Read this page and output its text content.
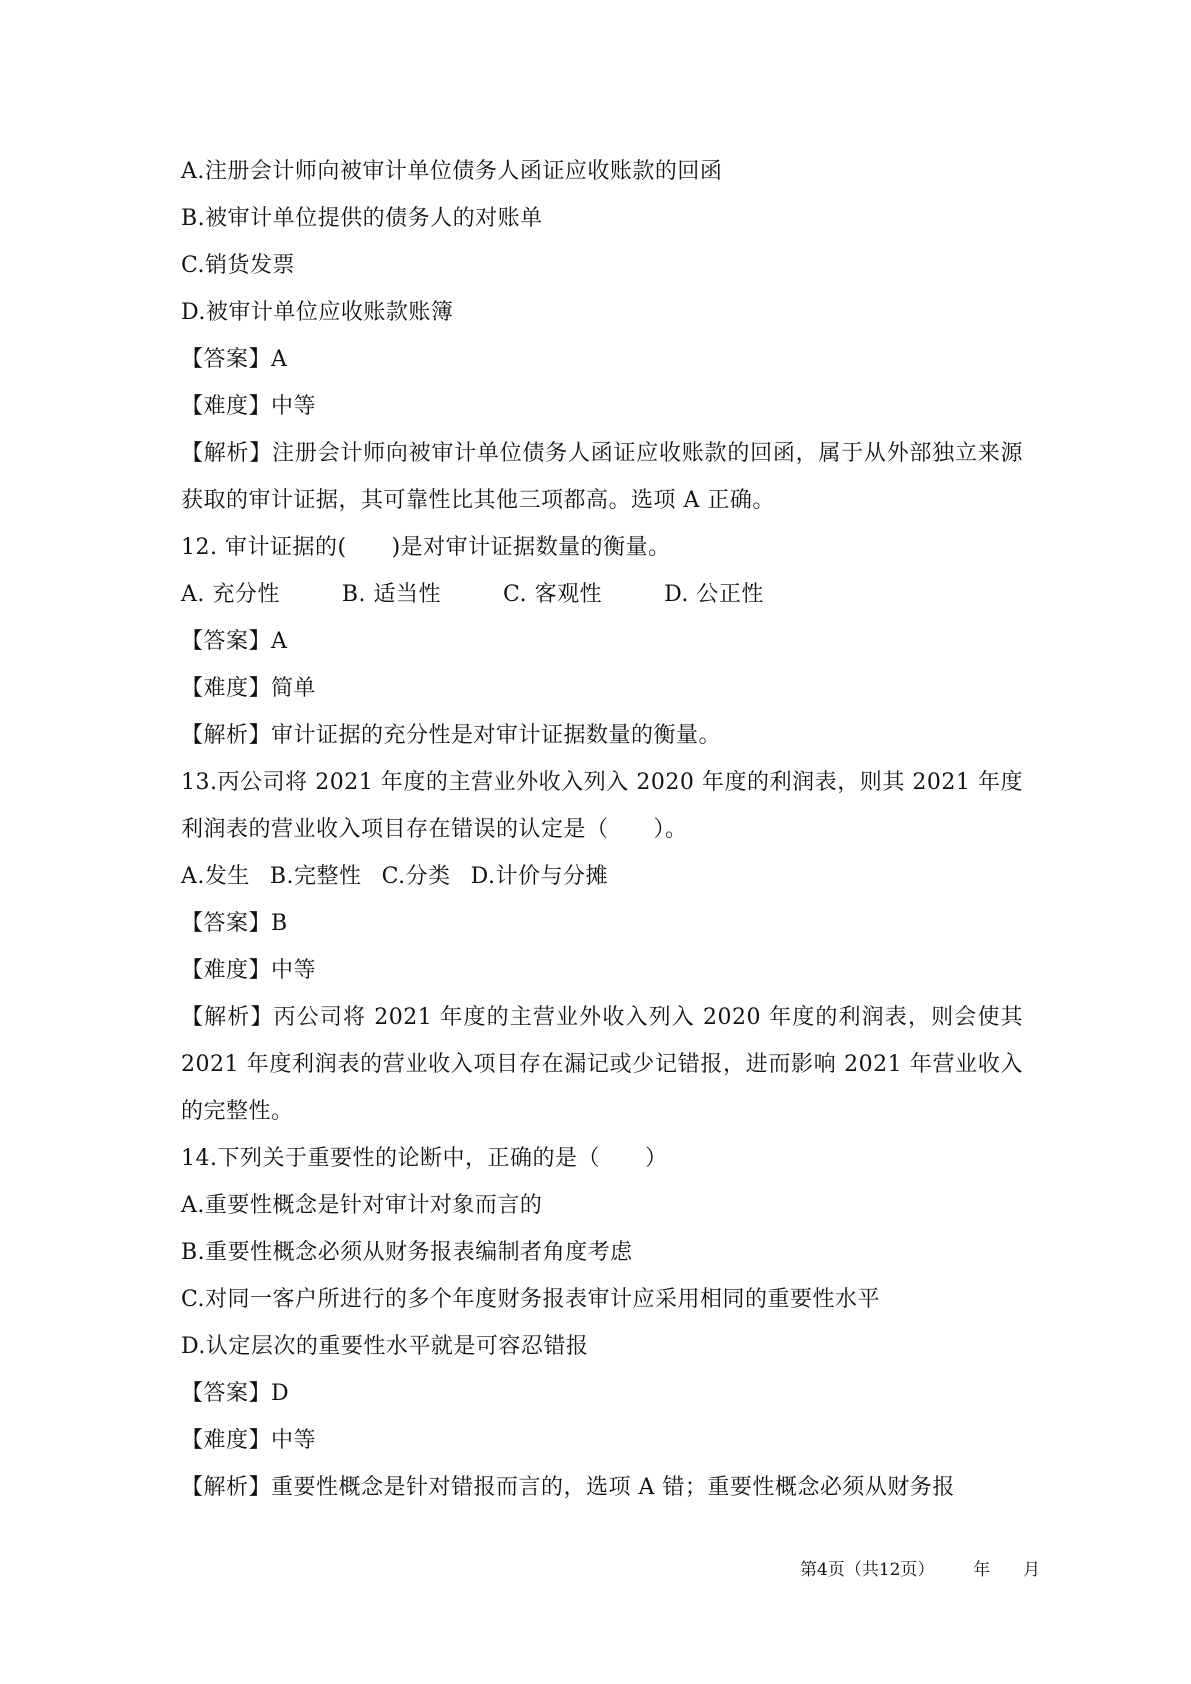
A.注册会计师向被审计单位债务人函证应收账款的回函
B.被审计单位提供的债务人的对账单
C.销货发票
D.被审计单位应收账款账簿
【答案】A
【难度】中等
【解析】注册会计师向被审计单位债务人函证应收账款的回函，属于从外部独立来源获取的审计证据，其可靠性比其他三项都高。选项 A 正确。
12. 审计证据的(　　)是对审计证据数量的衡量。
A. 充分性	B. 适当性	C. 客观性	D. 公正性
【答案】A
【难度】简单
【解析】审计证据的充分性是对审计证据数量的衡量。
13.丙公司将 2021 年度的主营业外收入列入 2020 年度的利润表，则其 2021 年度利润表的营业收入项目存在错误的认定是（　　）。
A.发生 B.完整性 C.分类 D.计价与分摊
【答案】B
【难度】中等
【解析】丙公司将 2021 年度的主营业外收入列入 2020 年度的利润表，则会使其 2021 年度利润表的营业收入项目存在漏记或少记错报，进而影响 2021 年营业收入的完整性。
14.下列关于重要性的论断中，正确的是（　　）
A.重要性概念是针对审计对象而言的
B.重要性概念必须从财务报表编制者角度考虑
C.对同一客户所进行的多个年度财务报表审计应采用相同的重要性水平
D.认定层次的重要性水平就是可容忍错报
【答案】D
【难度】中等
【解析】重要性概念是针对错报而言的，选项 A 错；重要性概念必须从财务报
第4页（共12页） 年 月
